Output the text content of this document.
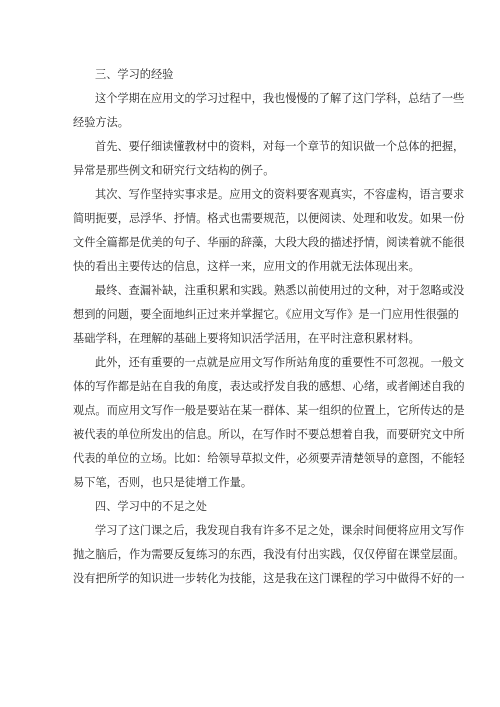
三、学习的经验
这个学期在应用文的学习过程中，我也慢慢的了解了这门学科，总结了一些
经验方法。
首先、要仔细读懂教材中的资料，对每一个章节的知识做一个总体的把握，
异常是那些例文和研究行文结构的例子。
其次、写作坚持实事求是。应用文的资料要客观真实，不容虚构，语言要求
简明扼要，忌浮华、抒情。格式也需要规范，以便阅读、处理和收发。如果一份
文件全篇都是优美的句子、华丽的辞藻，大段大段的描述抒情，阅读着就不能很
快的看出主要传达的信息，这样一来，应用文的作用就无法体现出来。
最终、查漏补缺，注重积累和实践。熟悉以前使用过的文种，对于忽略或没
想到的问题，要全面地纠正过来并掌握它。《应用文写作》是一门应用性很强的
基础学科，在理解的基础上要将知识活学活用，在平时注意积累材料。
此外，还有重要的一点就是应用文写作所站角度的重要性不可忽视。一般文
体的写作都是站在自我的角度，表达或抒发自我的感想、心绪，或者阐述自我的
观点。而应用文写作一般是要站在某一群体、某一组织的位置上，它所传达的是
被代表的单位所发出的信息。所以，在写作时不要总想着自我，而要研究文中所
代表的单位的立场。比如：给领导草拟文件，必须要弄清楚领导的意图，不能轻
易下笔，否则，也只是徒增工作量。
四、学习中的不足之处
学习了这门课之后，我发现自我有许多不足之处，课余时间便将应用文写作
抛之脑后，作为需要反复练习的东西，我没有付出实践，仅仅停留在课堂层面。
没有把所学的知识进一步转化为技能，这是我在这门课程的学习中做得不好的一
